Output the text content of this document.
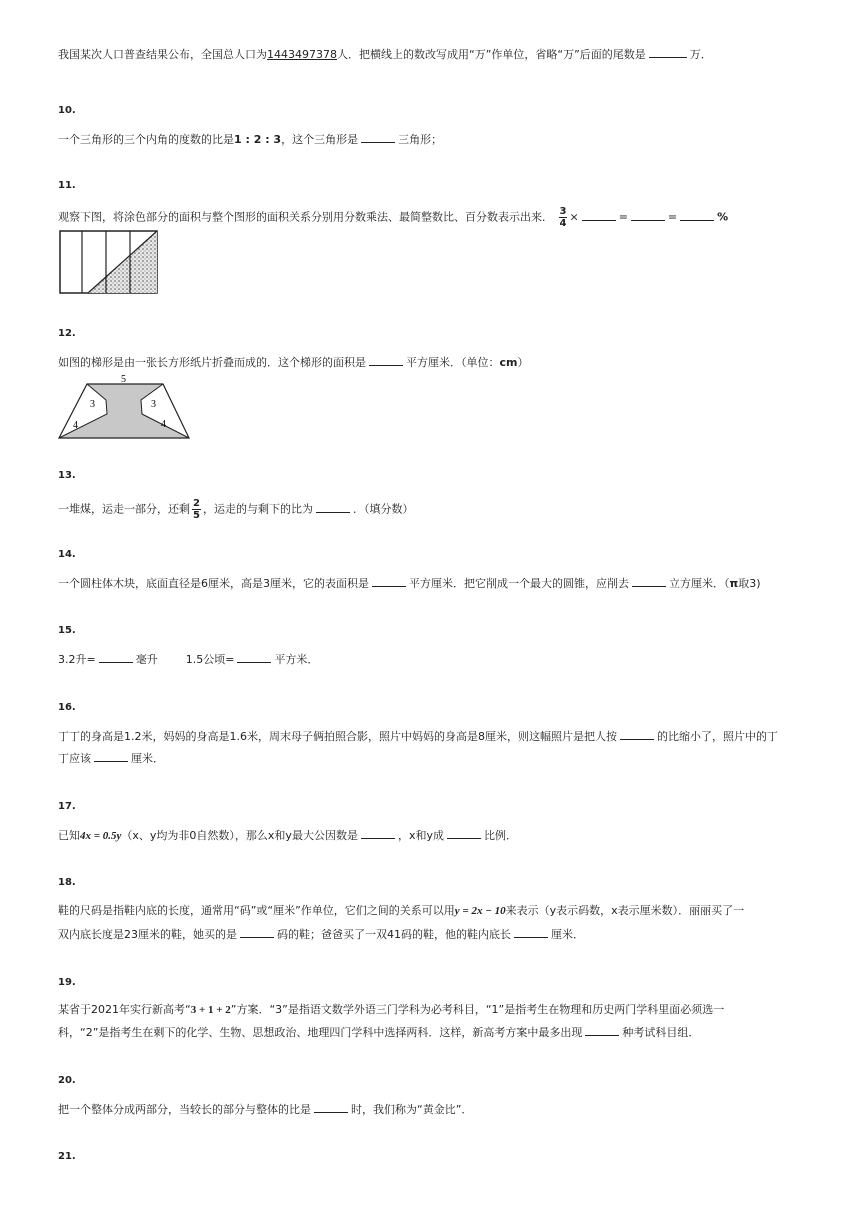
我国某次人口普查结果公布，全国总人口为1443497378人．把横线上的数改写成用“万”作单位，省略“万”后面的尾数是	万．
10.
一个三角形的三个内角的度数的比是1 : 2 : 3，这个三角形是	三角形；
11.
观察下图，将涂色部分的面积与整个图形的面积关系分别用分数乘法、最简整数比、百分数表示出来． $\frac{3}{4}$ ×	=	=	%
12.
如图的梯形是由一张长方形纸片折叠而成的．这个梯形的面积是	平方厘米．（单位：cm）
5
3	3
4	4
13.
一堆煤，运走一部分，还剩 $\frac{2}{5}$ ，运走的与剩下的比为	．（填分数）
14.
一个圆柱体木块，底面直径是6厘米，高是3厘米，它的表面积是	平方厘米．把它削成一个最大的圆锥，应削去	立方厘米．（π取3)
15.
3.2升=	毫升	1.5公顷=	平方米．
16.
丁丁的身高是1.2米，妈妈的身高是1.6米，周末母子俩拍照合影，照片中妈妈的身高是8厘米，则这幅照片是把人按	的比缩小了，照片中的丁
丁应该	厘米．
17.
已知4x = 0.5y（x、y均为非0自然数），那么x和y最大公因数是	，x和y成	比例．
18.
鞋的尺码是指鞋内底的长度，通常用“码”或“厘米”作单位，它们之间的关系可以用y = 2x − 10来表示（y表示码数，x表示厘米数）．丽丽买了一
双内底长度是23厘米的鞋，她买的是	码的鞋；爸爸买了一双41码的鞋，他的鞋内底长	厘米．
19.
某省于2021年实行新高考“3 + 1 + 2”方案．“3”是指语文数学外语三门学科为必考科目，“1”是指考生在物理和历史两门学科里面必须选一
科，“2”是指考生在剩下的化学、生物、思想政治、地理四门学科中选择两科．这样，新高考方案中最多出现	种考试科目组．
20.
把一个整体分成两部分，当较长的部分与整体的比是	时，我们称为“黄金比”．
21.
